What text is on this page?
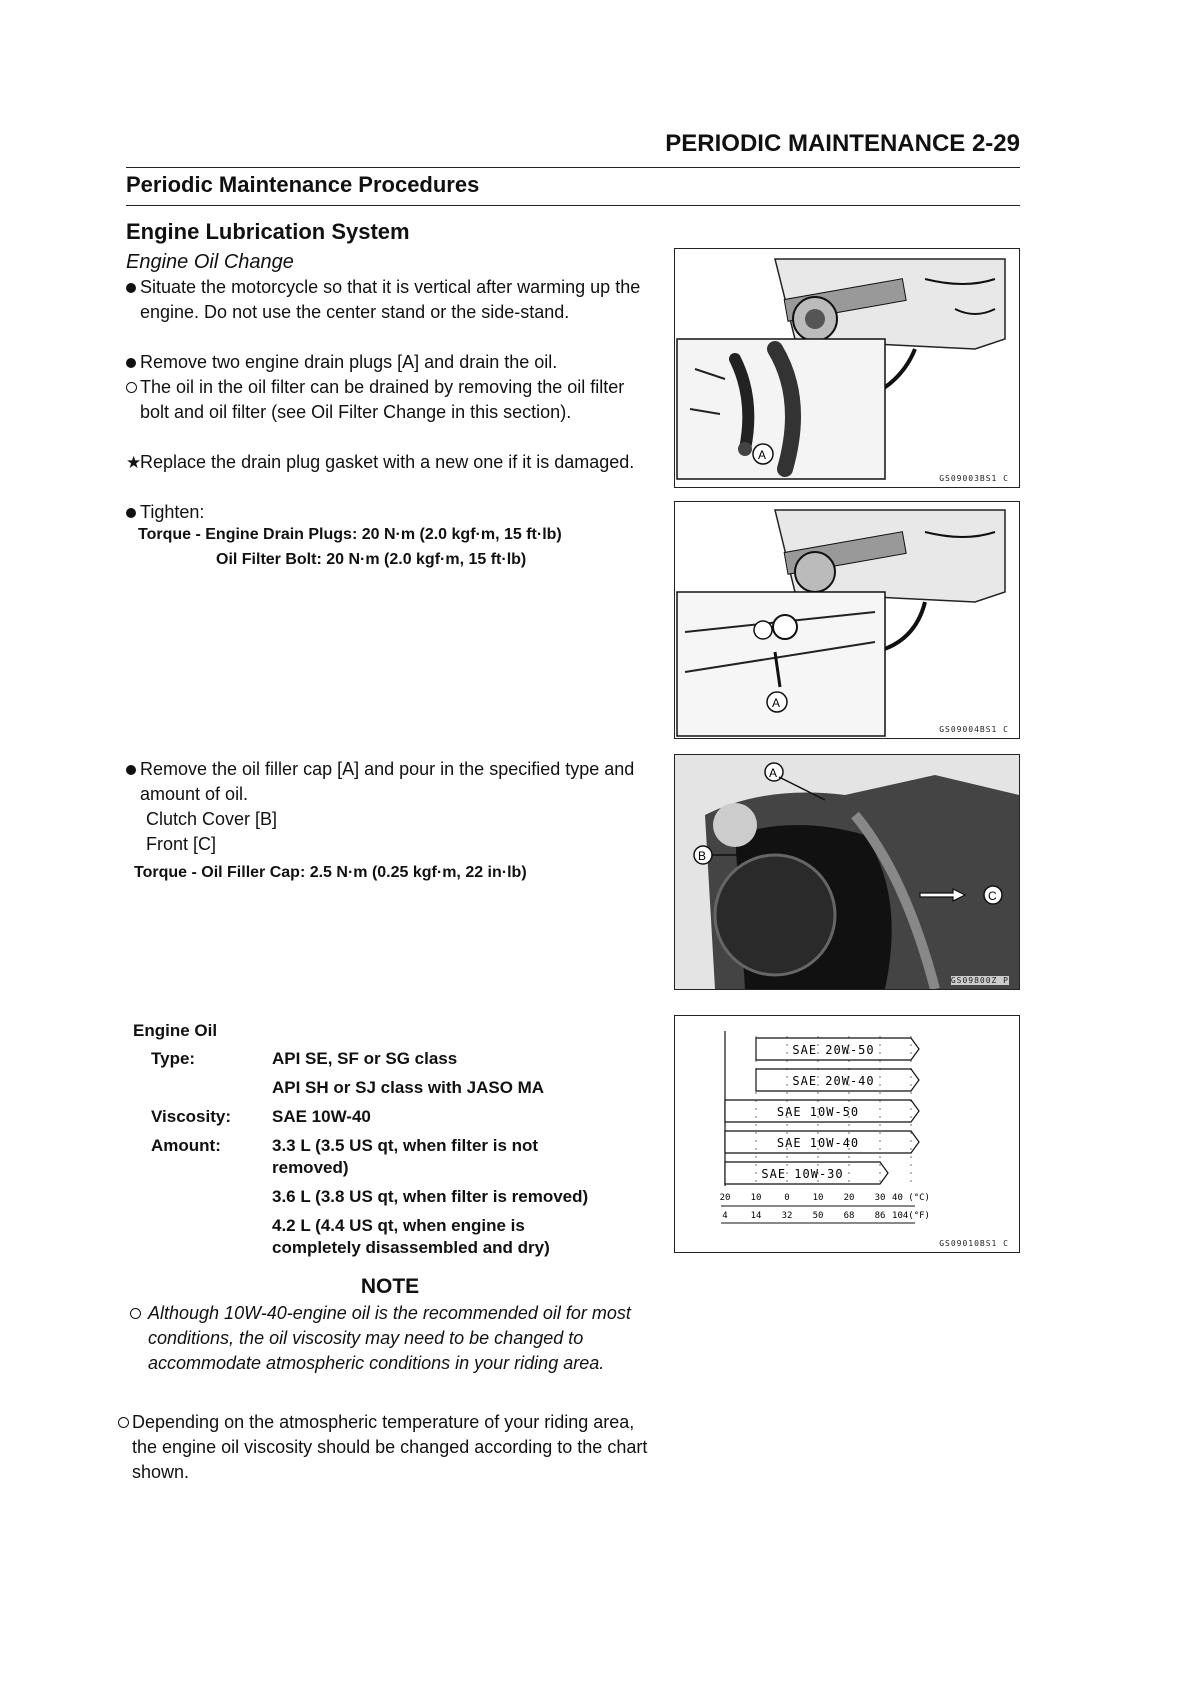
PERIODIC MAINTENANCE 2-29
Periodic Maintenance Procedures
Engine Lubrication System
Engine Oil Change
Situate the motorcycle so that it is vertical after warming up the engine. Do not use the center stand or the side-stand.
Remove two engine drain plugs [A] and drain the oil.
The oil in the oil filter can be drained by removing the oil filter bolt and oil filter (see Oil Filter Change in this section).
★
Replace the drain plug gasket with a new one if it is damaged.
Tighten:
Torque - Engine Drain Plugs: 20 N·m (2.0 kgf·m, 15 ft·lb)
Oil Filter Bolt: 20 N·m (2.0 kgf·m, 15 ft·lb)
Remove the oil filler cap [A] and pour in the specified type and amount of oil.
Clutch Cover [B]
Front [C]
Torque - Oil Filler Cap: 2.5 N·m (0.25 kgf·m, 22 in·lb)
Engine Oil
Type:	API SE, SF or SG class
API SH or SJ class with JASO MA
Viscosity: SAE 10W-40
Amount:	3.3 L (3.5 US qt, when filter is not removed)
3.6 L (3.8 US qt, when filter is removed)
4.2 L (4.4 US qt, when engine is completely disassembled and dry)
NOTE
Although 10W-40-engine oil is the recommended oil for most conditions, the oil viscosity may need to be changed to accommodate atmospheric conditions in your riding area.
Depending on the atmospheric temperature of your riding area, the engine oil viscosity should be changed according to the chart shown.
A
GS09003BS1 C
A
GS09004BS1 C
A
B
C
GS09800Z P
SAE 20W-50
SAE 20W-40
SAE 10W-50
SAE 10W-40
SAE 10W-30
20
4
10
14
0
32
10
50
20
68
30
86
40 (°C)
104(°F)
GS09010BS1 C
